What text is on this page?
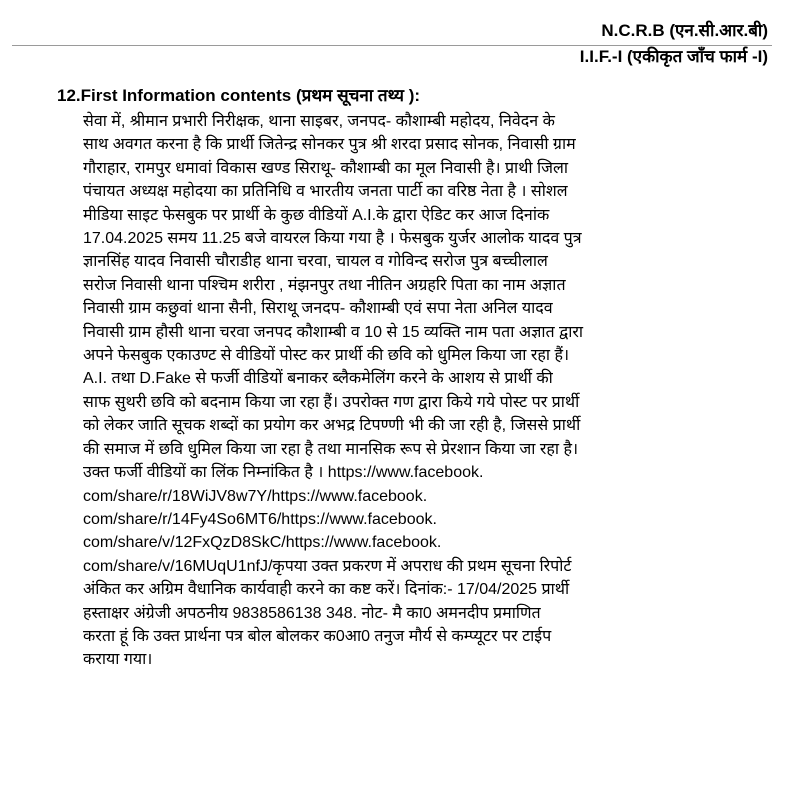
N.C.R.B (एन.सी.आर.बी)
I.I.F.-I (एकीकृत जाँच फार्म -I)
12.First Information contents (प्रथम सूचना तथ्य ):
सेवा में, श्रीमान प्रभारी निरीक्षक, थाना साइबर, जनपद- कौशाम्बी महोदय, निवेदन के
साथ अवगत करना है कि प्रार्थी जितेन्द्र सोनकर पुत्र श्री शरदा प्रसाद सोनक, निवासी ग्राम
गौराहार, रामपुर धमावां विकास खण्ड सिराथू- कौशाम्बी का मूल निवासी है। प्राथी जिला
पंचायत अध्यक्ष महोदया का प्रतिनिधि व भारतीय जनता पार्टी का वरिष्ठ नेता है । सोशल
मीडिया साइट फेसबुक पर प्रार्थी के कुछ वीडियों A.I.के द्वारा ऐडिट कर आज दिनांक
17.04.2025 समय 11.25 बजे वायरल किया गया है । फेसबुक युर्जर आलोक यादव पुत्र
ज्ञानसिंह यादव निवासी चौराडीह थाना चरवा, चायल व गोविन्द सरोज पुत्र बच्चीलाल
सरोज निवासी थाना पश्चिम शरीरा , मंझनपुर तथा नीतिन अग्रहरि पिता का नाम अज्ञात
निवासी ग्राम कछुवां थाना सैनी, सिराथू जनदप- कौशाम्बी एवं सपा नेता अनिल यादव
निवासी ग्राम हौसी थाना चरवा जनपद कौशाम्बी व 10 से 15 व्यक्ति नाम पता अज्ञात द्वारा
अपने फेसबुक एकाउण्ट से वीडियों पोस्ट कर प्रार्थी की छवि को धुमिल किया जा रहा हैं।
A.I. तथा D.Fake से फर्जी वीडियों बनाकर ब्लैकमेलिंग करने के आशय से प्रार्थी की
साफ सुथरी छवि को बदनाम किया जा रहा हैं। उपरोक्त गण द्वारा किये गये पोस्ट पर प्रार्थी
को लेकर जाति सूचक शब्दों का प्रयोग कर अभद्र टिपण्णी भी की जा रही है, जिससे प्रार्थी
की समाज में छवि धुमिल किया जा रहा है तथा मानसिक रूप से प्रेरशान किया जा रहा है।
उक्त फर्जी वीडियों का लिंक निम्नांकित है । https://www.facebook.
com/share/r/18WiJV8w7Y/https://www.facebook.
com/share/r/14Fy4So6MT6/https://www.facebook.
com/share/v/12FxQzD8SkC/https://www.facebook.
com/share/v/16MUqU1nfJ/कृपया उक्त प्रकरण में अपराध की प्रथम सूचना रिपोर्ट
अंकित कर अग्रिम वैधानिक कार्यवाही करने का कष्ट करें। दिनांक:- 17/04/2025 प्रार्थी
हस्ताक्षर अंग्रेजी अपठनीय 9838586138 348. नोट- मै का0 अमनदीप प्रमाणित
करता हूं कि उक्त प्रार्थना पत्र बोल बोलकर क0आ0 तनुज मौर्य से कम्प्यूटर पर टाईप
कराया गया।
